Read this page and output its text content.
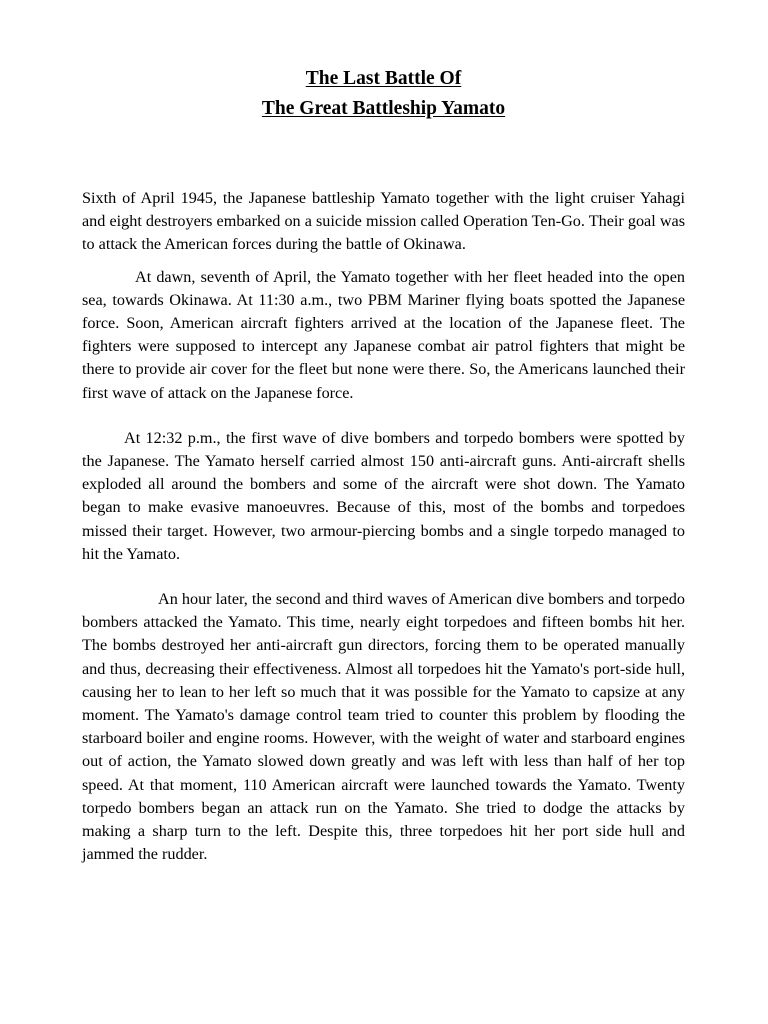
The Last Battle Of
The Great Battleship Yamato

Sixth of April 1945, the Japanese battleship Yamato together with the light cruiser Yahagi and eight destroyers embarked on a suicide mission called Operation Ten-Go. Their goal was to attack the American forces during the battle of Okinawa.

At dawn, seventh of April, the Yamato together with her fleet headed into the open sea, towards Okinawa. At 11:30 a.m., two PBM Mariner flying boats spotted the Japanese force. Soon, American aircraft fighters arrived at the location of the Japanese fleet. The fighters were supposed to intercept any Japanese combat air patrol fighters that might be there to provide air cover for the fleet but none were there. So, the Americans launched their first wave of attack on the Japanese force.

At 12:32 p.m., the first wave of dive bombers and torpedo bombers were spotted by the Japanese. The Yamato herself carried almost 150 anti-aircraft guns. Anti-aircraft shells exploded all around the bombers and some of the aircraft were shot down. The Yamato began to make evasive manoeuvres. Because of this, most of the bombs and torpedoes missed their target. However, two armour-piercing bombs and a single torpedo managed to hit the Yamato.

An hour later, the second and third waves of American dive bombers and torpedo bombers attacked the Yamato. This time, nearly eight torpedoes and fifteen bombs hit her. The bombs destroyed her anti-aircraft gun directors, forcing them to be operated manually and thus, decreasing their effectiveness. Almost all torpedoes hit the Yamato's port-side hull, causing her to lean to her left so much that it was possible for the Yamato to capsize at any moment. The Yamato's damage control team tried to counter this problem by flooding the starboard boiler and engine rooms. However, with the weight of water and starboard engines out of action, the Yamato slowed down greatly and was left with less than half of her top speed. At that moment, 110 American aircraft were launched towards the Yamato. Twenty torpedo bombers began an attack run on the Yamato. She tried to dodge the attacks by making a sharp turn to the left. Despite this, three torpedoes hit her port side hull and jammed the rudder.
